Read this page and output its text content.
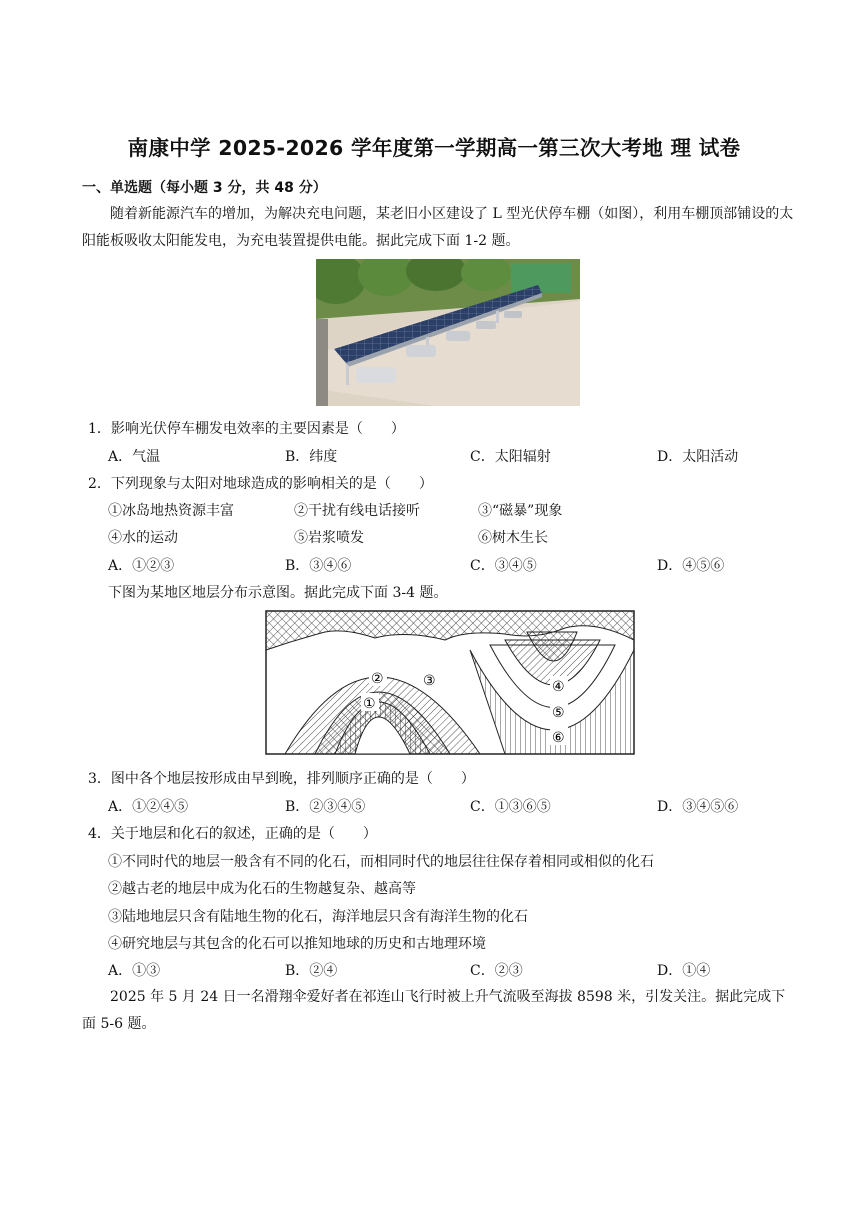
南康中学 2025-2026 学年度第一学期高一第三次大考地 理 试卷
一、单选题（每小题 3 分，共 48 分）
随着新能源汽车的增加，为解决充电问题，某老旧小区建设了 L 型光伏停车棚（如图），利用车棚顶部铺设的太阳能板吸收太阳能发电，为充电装置提供电能。据此完成下面 1-2 题。
1．影响光伏停车棚发电效率的主要因素是（　　）
A．气温	B．纬度	C．太阳辐射	D．太阳活动
2．下列现象与太阳对地球造成的影响相关的是（　　）
①冰岛地热资源丰富	②干扰有线电话接听	③“磁暴”现象
④水的运动	⑤岩浆喷发	⑥树木生长
A．①②③	B．③④⑥	C．③④⑤	D．④⑤⑥
下图为某地区地层分布示意图。据此完成下面 3-4 题。
②	③
①
④
⑤
⑥
3．图中各个地层按形成由早到晚，排列顺序正确的是（　　）
A．①②④⑤	B．②③④⑤	C．①③⑥⑤	D．③④⑤⑥
4．关于地层和化石的叙述，正确的是（　　）
①不同时代的地层一般含有不同的化石，而相同时代的地层往往保存着相同或相似的化石
②越古老的地层中成为化石的生物越复杂、越高等
③陆地地层只含有陆地生物的化石，海洋地层只含有海洋生物的化石
④研究地层与其包含的化石可以推知地球的历史和古地理环境
A．①③	B．②④	C．②③	D．①④
2025 年 5 月 24 日一名滑翔伞爱好者在祁连山飞行时被上升气流吸至海拔 8598 米，引发关注。据此完成下面 5-6 题。
